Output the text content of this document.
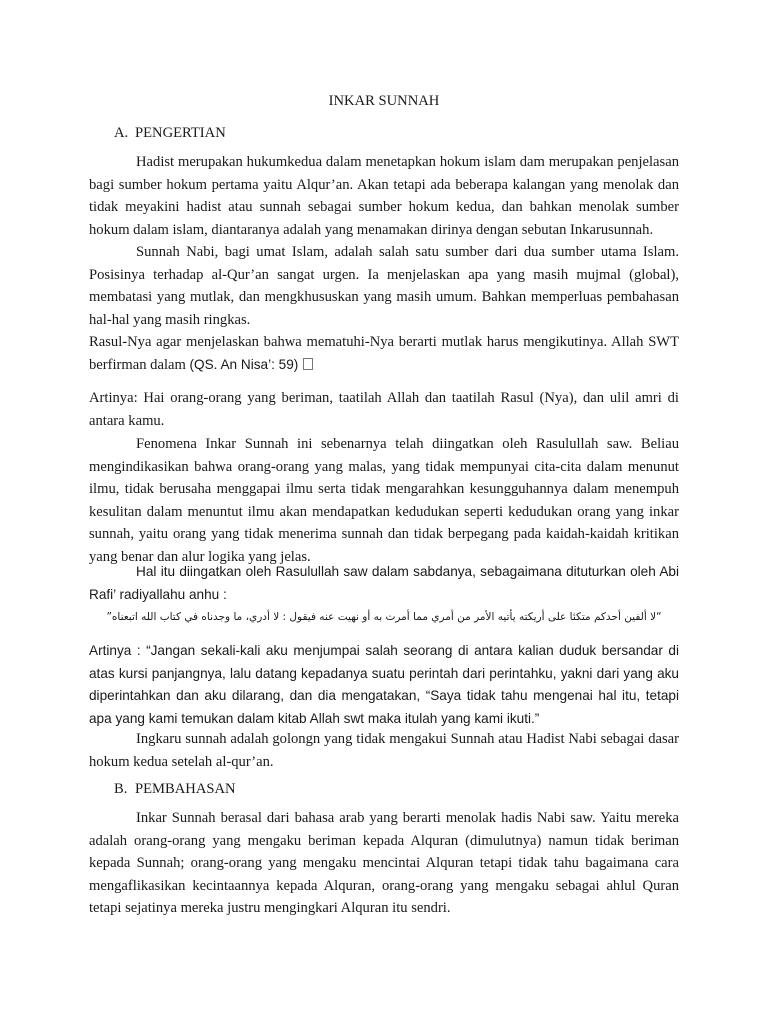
INKAR SUNNAH
A. PENGERTIAN

Hadist merupakan hukumkedua dalam menetapkan hokum islam dam merupakan penjelasan bagi sumber hokum pertama yaitu Alqur’an. Akan tetapi ada beberapa kalangan yang menolak dan tidak meyakini hadist atau sunnah sebagai sumber hokum kedua, dan bahkan menolak sumber hokum dalam islam, diantaranya adalah yang menamakan dirinya dengan sebutan Inkarusunnah.

Sunnah Nabi, bagi umat Islam, adalah salah satu sumber dari dua sumber utama Islam. Posisinya terhadap al-Qur’an sangat urgen. Ia menjelaskan apa yang masih mujmal (global), membatasi yang mutlak, dan mengkhususkan yang masih umum. Bahkan memperluas pembahasan hal-hal yang masih ringkas.

Rasul-Nya agar menjelaskan bahwa mematuhi-Nya berarti mutlak harus mengikutinya. Allah SWT berfirman dalam (QS. An Nisa’: 59)

Artinya: Hai orang-orang yang beriman, taatilah Allah dan taatilah Rasul (Nya), dan ulil amri di antara kamu.

Fenomena Inkar Sunnah ini sebenarnya telah diingatkan oleh Rasulullah saw. Beliau mengindikasikan bahwa orang-orang yang malas, yang tidak mempunyai cita-cita dalam menunut ilmu, tidak berusaha menggapai ilmu serta tidak mengarahkan kesungguhannya dalam menempuh kesulitan dalam menuntut ilmu akan mendapatkan kedudukan seperti kedudukan orang yang inkar sunnah, yaitu orang yang tidak menerima sunnah dan tidak berpegang pada kaidah-kaidah kritikan yang benar dan alur logika yang jelas.

Hal itu diingatkan oleh Rasulullah saw dalam sabdanya, sebagaimana dituturkan oleh Abi Rafi’ radiyallahu anhu :

“لا ألفين أحدكم متكئا على أريكته يأتيه الأمر من أمري مما أمرت به أو نهيت عنه فيقول : لا أدري، ما وجدناه في كتاب الله اتبعناه”

Artinya : “Jangan sekali-kali aku menjumpai salah seorang di antara kalian duduk bersandar di atas kursi panjangnya, lalu datang kepadanya suatu perintah dari perintahku, yakni dari yang aku diperintahkan dan aku dilarang, dan dia mengatakan, “Saya tidak tahu mengenai hal itu, tetapi apa yang kami temukan dalam kitab Allah swt maka itulah yang kami ikuti.”

Ingkaru sunnah adalah golongn yang tidak mengakui Sunnah atau Hadist Nabi sebagai dasar hokum kedua setelah al-qur’an.

B. PEMBAHASAN

Inkar Sunnah berasal dari bahasa arab yang berarti menolak hadis Nabi saw. Yaitu mereka adalah orang-orang yang mengaku beriman kepada Alquran (dimulutnya) namun tidak beriman kepada Sunnah; orang-orang yang mengaku mencintai Alquran tetapi tidak tahu bagaimana cara mengaflikasikan kecintaannya kepada Alquran, orang-orang yang mengaku sebagai ahlul Quran tetapi sejatinya mereka justru mengingkari Alquran itu sendri.
